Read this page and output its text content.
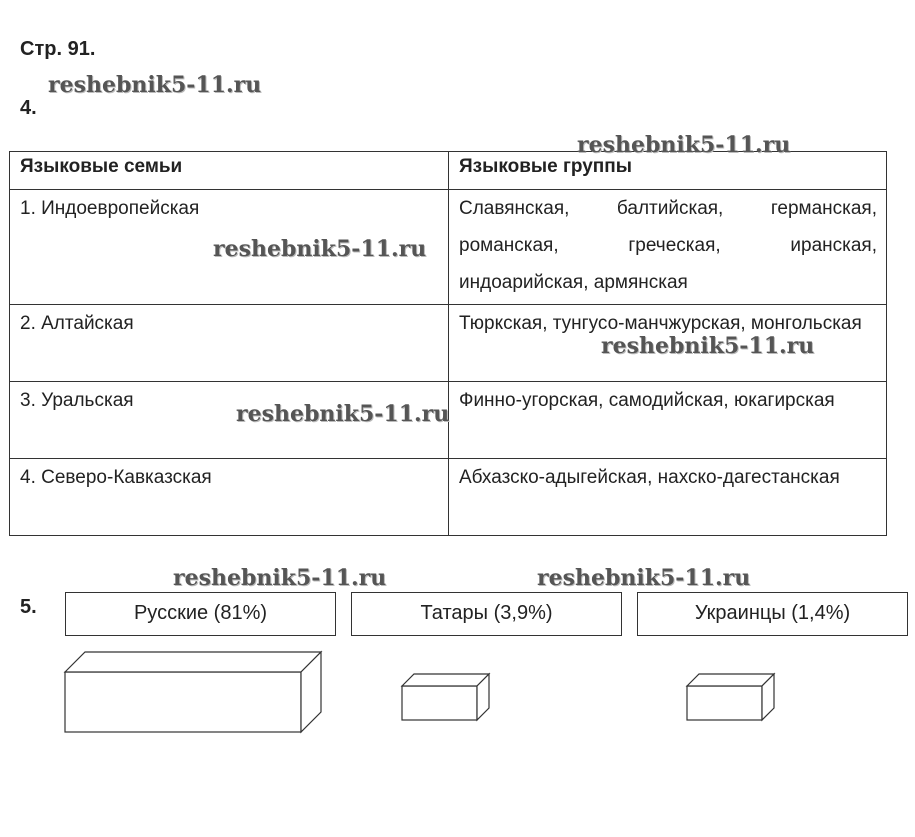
Стр. 91.
4.
Языковые семьи	Языковые группы
1. Индоевропейская	Славянская, балтийская, германская, романская, греческая, иранская, индоарийская, армянская
2. Алтайская	Тюркская, тунгусо-манчжурская, монгольская
3. Уральская	Финно-угорская, самодийская, юкагирская
4. Северо-Кавказская	Абхазско-адыгейская, нахско-дагестанская
5.	Русские (81%)	Татары (3,9%)	Украинцы (1,4%)
reshebnik5-11.ru
reshebnik5-11.ru
reshebnik5-11.ru
reshebnik5-11.ru
reshebnik5-11.ru
reshebnik5-11.ru	reshebnik5-11.ru
